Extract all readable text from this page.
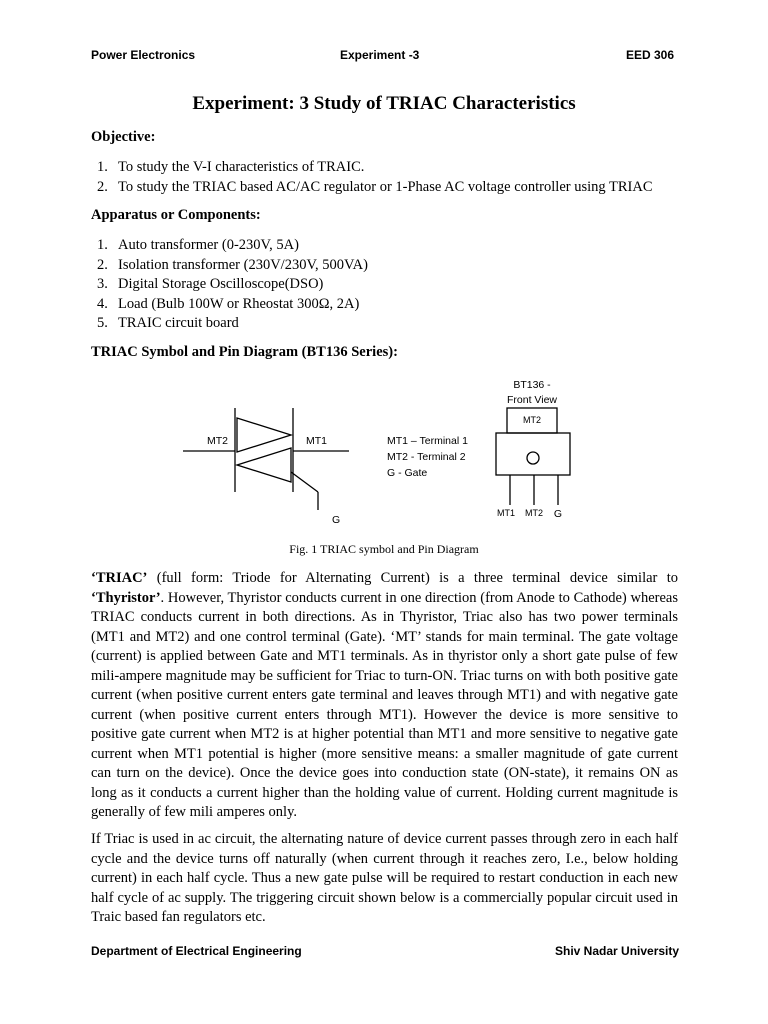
Power Electronics	Experiment -3	EED 306
Experiment: 3 Study of TRIAC Characteristics
Objective:
1. To study the V-I characteristics of TRAIC.
2. To study the TRIAC based AC/AC regulator or 1-Phase AC voltage controller using TRIAC
Apparatus or Components:
1. Auto transformer (0-230V, 5A)
2. Isolation transformer (230V/230V, 500VA)
3. Digital Storage Oscilloscope(DSO)
4. Load (Bulb 100W or Rheostat 300Ω, 2A)
5. TRAIC circuit board
TRIAC Symbol and Pin Diagram (BT136 Series):
MT2	MT1
G
MT1 – Terminal 1
MT2 - Terminal 2
G - Gate
BT136 -
Front View
MT2
MT1 MT2 G
Fig. 1 TRIAC symbol and Pin Diagram

‘TRIAC’ (full form: Triode for Alternating Current) is a three terminal device similar to ‘Thyristor’. However, Thyristor conducts current in one direction (from Anode to Cathode) whereas TRIAC conducts current in both directions. As in Thyristor, Triac also has two power terminals (MT1 and MT2) and one control terminal (Gate). ‘MT’ stands for main terminal. The gate voltage (current) is applied between Gate and MT1 terminals. As in thyristor only a short gate pulse of few mili-ampere magnitude may be sufficient for Triac to turn-ON. Triac turns on with both positive gate current (when positive current enters gate terminal and leaves through MT1) and with negative gate current (when positive current enters through MT1). However the device is more sensitive to positive gate current when MT2 is at higher potential than MT1 and more sensitive to negative gate current when MT1 potential is higher (more sensitive means: a smaller magnitude of gate current can turn on the device). Once the device goes into conduction state (ON-state), it remains ON as long as it conducts a current higher than the holding value of current. Holding current magnitude is generally of few mili amperes only.

If Triac is used in ac circuit, the alternating nature of device current passes through zero in each half cycle and the device turns off naturally (when current through it reaches zero, I.e., below holding current) in each half cycle. Thus a new gate pulse will be required to restart conduction in each new half cycle of ac supply. The triggering circuit shown below is a commercially popular circuit used in Traic based fan regulators etc.

Department of Electrical Engineering	Shiv Nadar University
